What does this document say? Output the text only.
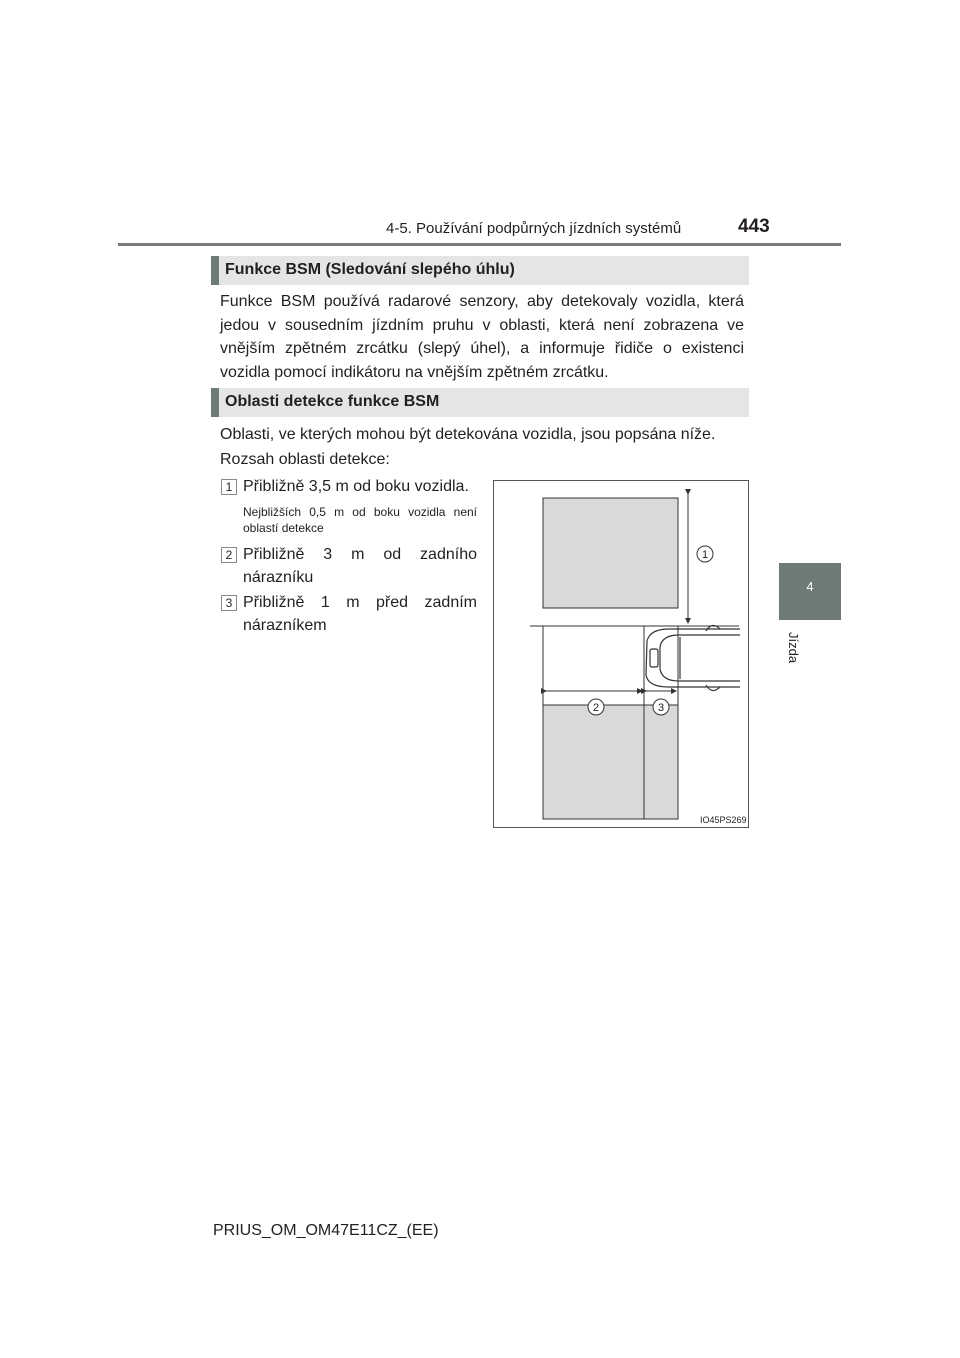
4-5. Používání podpůrných jízdních systémů	443
4
Jízda
Funkce BSM (Sledování slepého úhlu)
Funkce BSM používá radarové senzory, aby detekovaly vozidla, která jedou v sousedním jízdním pruhu v oblasti, která není zobrazena ve vnějším zpětném zrcátku (slepý úhel), a informuje řidiče o existenci vozidla pomocí indikátoru na vnějším zpětném zrcátku.
Oblasti detekce funkce BSM
Oblasti, ve kterých mohou být detekována vozidla, jsou popsána níže.
Rozsah oblasti detekce:
1 Přibližně 3,5 m od boku vozidla.
Nejbližších 0,5 m od boku vozidla není oblastí detekce
2 Přibližně 3 m od zadního nárazníku
3 Přibližně 1 m před zadním nárazníkem
1
2	3
IO45PS269
PRIUS_OM_OM47E11CZ_(EE)
